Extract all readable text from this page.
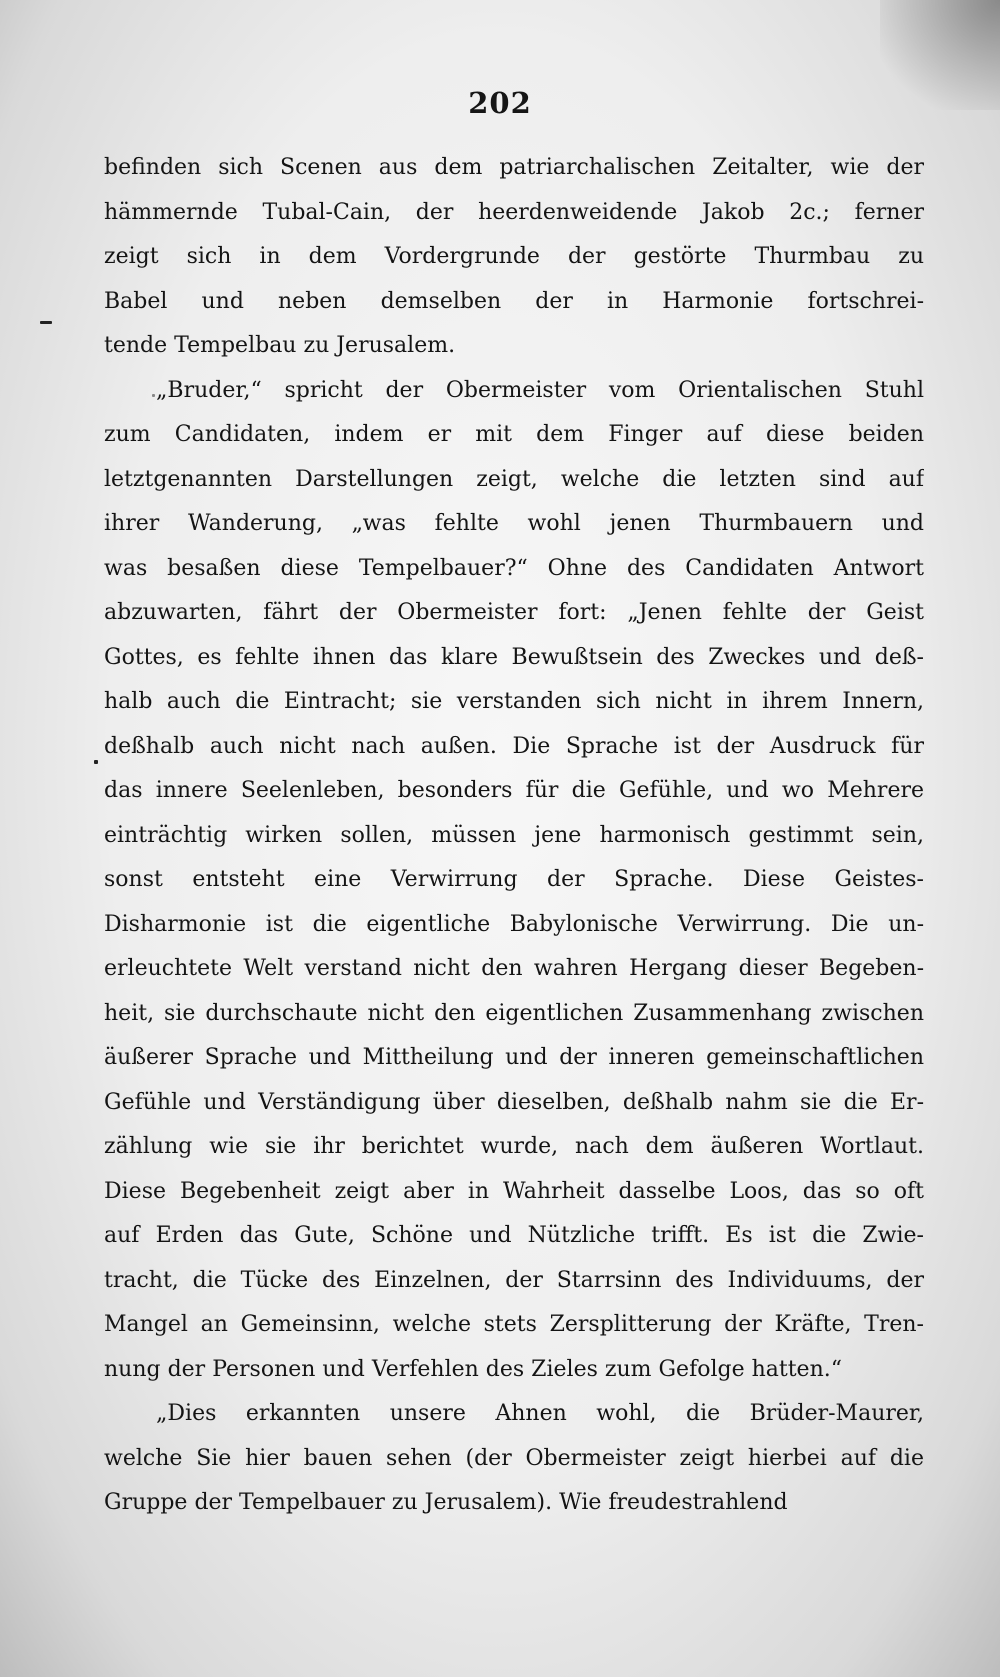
202
befinden sich Scenen aus dem patriarchalischen Zeitalter, wie der
hämmernde Tubal-Cain, der heerdenweidende Jakob 2c.; ferner
zeigt sich in dem Vordergrunde der gestörte Thurmbau zu
Babel und neben demselben der in Harmonie fortschrei-
tende Tempelbau zu Jerusalem.
„Bruder,“ spricht der Obermeister vom Orientalischen Stuhl
zum Candidaten, indem er mit dem Finger auf diese beiden
letztgenannten Darstellungen zeigt, welche die letzten sind auf
ihrer Wanderung, „was fehlte wohl jenen Thurmbauern und
was besaßen diese Tempelbauer?“ Ohne des Candidaten Antwort
abzuwarten, fährt der Obermeister fort: „Jenen fehlte der Geist
Gottes, es fehlte ihnen das klare Bewußtsein des Zweckes und deß-
halb auch die Eintracht; sie verstanden sich nicht in ihrem Innern,
deßhalb auch nicht nach außen. Die Sprache ist der Ausdruck für
das innere Seelenleben, besonders für die Gefühle, und wo Mehrere
einträchtig wirken sollen, müssen jene harmonisch gestimmt sein,
sonst entsteht eine Verwirrung der Sprache. Diese Geistes-
Disharmonie ist die eigentliche Babylonische Verwirrung. Die un-
erleuchtete Welt verstand nicht den wahren Hergang dieser Begeben-
heit, sie durchschaute nicht den eigentlichen Zusammenhang zwischen
äußerer Sprache und Mittheilung und der inneren gemeinschaftlichen
Gefühle und Verständigung über dieselben, deßhalb nahm sie die Er-
zählung wie sie ihr berichtet wurde, nach dem äußeren Wortlaut.
Diese Begebenheit zeigt aber in Wahrheit dasselbe Loos, das so oft
auf Erden das Gute, Schöne und Nützliche trifft. Es ist die Zwie-
tracht, die Tücke des Einzelnen, der Starrsinn des Individuums, der
Mangel an Gemeinsinn, welche stets Zersplitterung der Kräfte, Tren-
nung der Personen und Verfehlen des Zieles zum Gefolge hatten.“
„Dies erkannten unsere Ahnen wohl, die Brüder-Maurer,
welche Sie hier bauen sehen (der Obermeister zeigt hierbei auf die
Gruppe der Tempelbauer zu Jerusalem). Wie freudestrahlend
